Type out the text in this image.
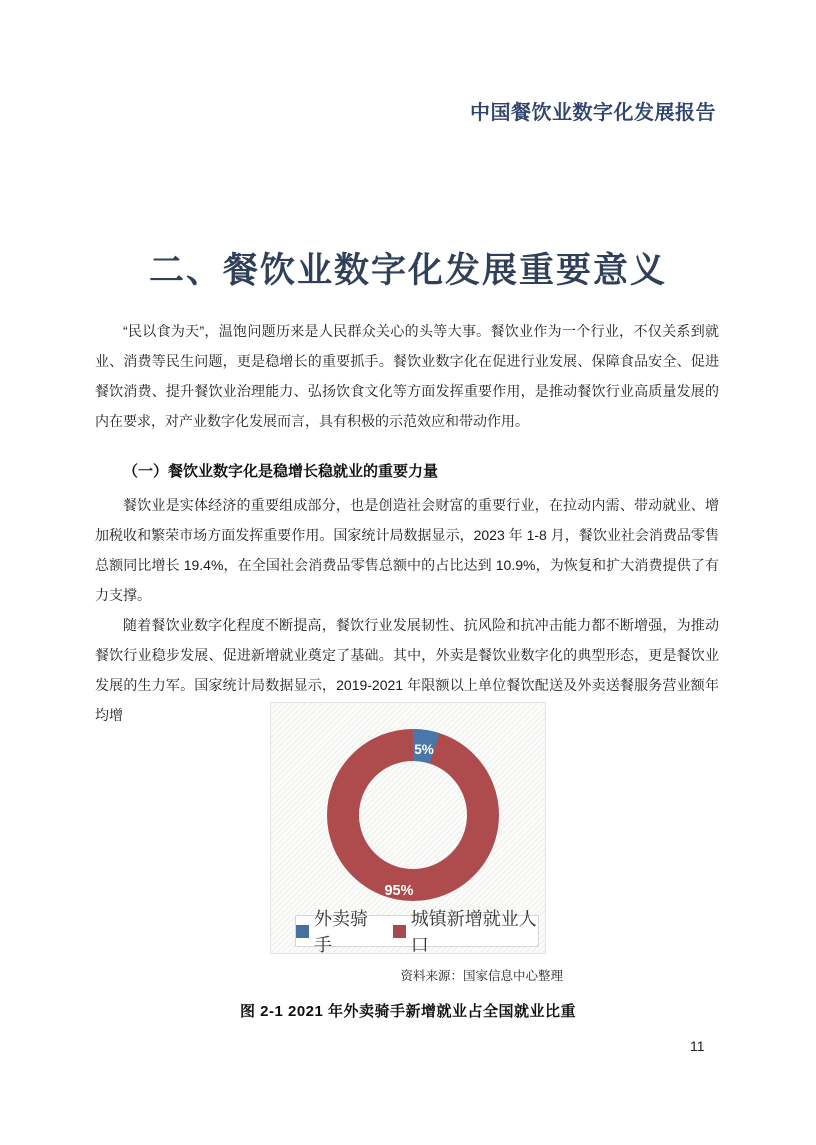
中国餐饮业数字化发展报告
二、餐饮业数字化发展重要意义

“民以食为天”，温饱问题历来是人民群众关心的头等大事。餐饮业作为一个行业，不仅关系到就业、消费等民生问题，更是稳增长的重要抓手。餐饮业数字化在促进行业发展、保障食品安全、促进餐饮消费、提升餐饮业治理能力、弘扬饮食文化等方面发挥重要作用，是推动餐饮行业高质量发展的内在要求，对产业数字化发展而言，具有积极的示范效应和带动作用。

（一）餐饮业数字化是稳增长稳就业的重要力量

餐饮业是实体经济的重要组成部分，也是创造社会财富的重要行业，在拉动内需、带动就业、增加税收和繁荣市场方面发挥重要作用。国家统计局数据显示，2023 年 1-8 月，餐饮业社会消费品零售总额同比增长 19.4%，在全国社会消费品零售总额中的占比达到 10.9%，为恢复和扩大消费提供了有力支撑。

随着餐饮业数字化程度不断提高，餐饮行业发展韧性、抗风险和抗冲击能力都不断增强，为推动餐饮行业稳步发展、促进新增就业奠定了基础。其中，外卖是餐饮业数字化的典型形态，更是餐饮业发展的生力军。国家统计局数据显示，2019-2021 年限额以上单位餐饮配送及外卖送餐服务营业额年均增

5%
95%
外卖骑手
城镇新增就业人口
资料来源：国家信息中心整理
图 2-1 2021 年外卖骑手新增就业占全国就业比重
11
